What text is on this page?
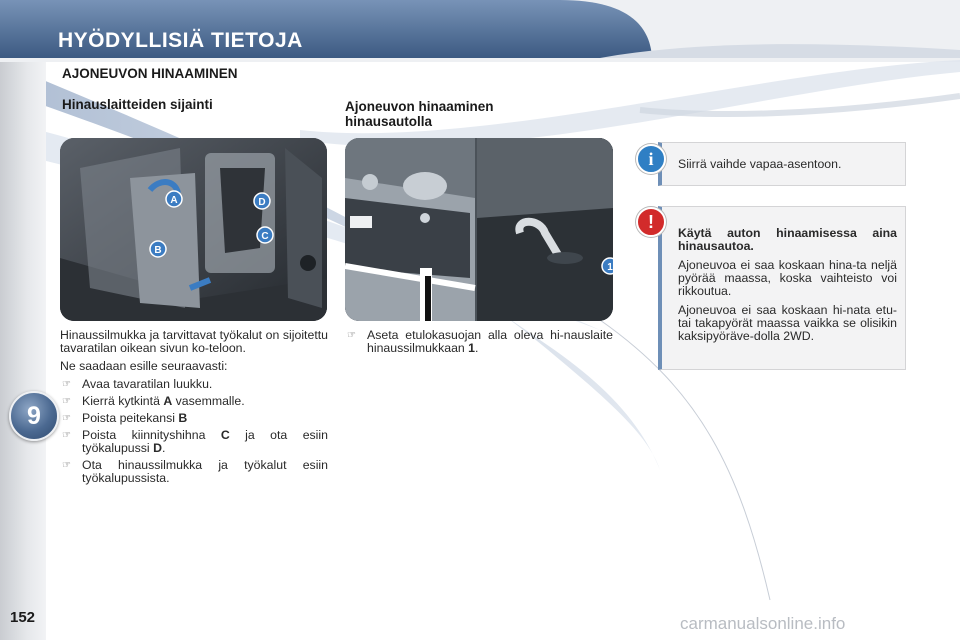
HYÖDYLLISIÄ TIETOJA
AJONEUVON HINAAMINEN
Hinauslaitteiden sijainti	Ajoneuvon hinaaminen hinausautolla
A
B
C
D
1

Hinaussilmukka ja tarvittavat työkalut on sijoitettu tavaratilan oikean sivun ko-teloon.

Ne saadaan esille seuraavasti:

☞ Avaa tavaratilan luukku.
☞ Kierrä kytkintä A vasemmalle.
☞ Poista peitekansi B
☞ Poista kiinnityshihna C ja ota esiin työkalupussi D.
☞ Ota hinaussilmukka ja työkalut esiin työkalupussista.
☞ Aseta etulokasuojan alla oleva hi-nauslaite hinaussilmukkaan 1.
Siirrä vaihde vapaa-asentoon.
i

Käytä auton hinaamisessa aina hinausautoa.

Ajoneuvoa ei saa koskaan hina-ta neljä pyörää maassa, koska vaihteisto voi rikkoutua.

Ajoneuvoa ei saa koskaan hi-nata etu- tai takapyörät maassa vaikka se olisikin kaksipyöräve-dolla 2WD.

!
9

152	carmanualsonline.info
